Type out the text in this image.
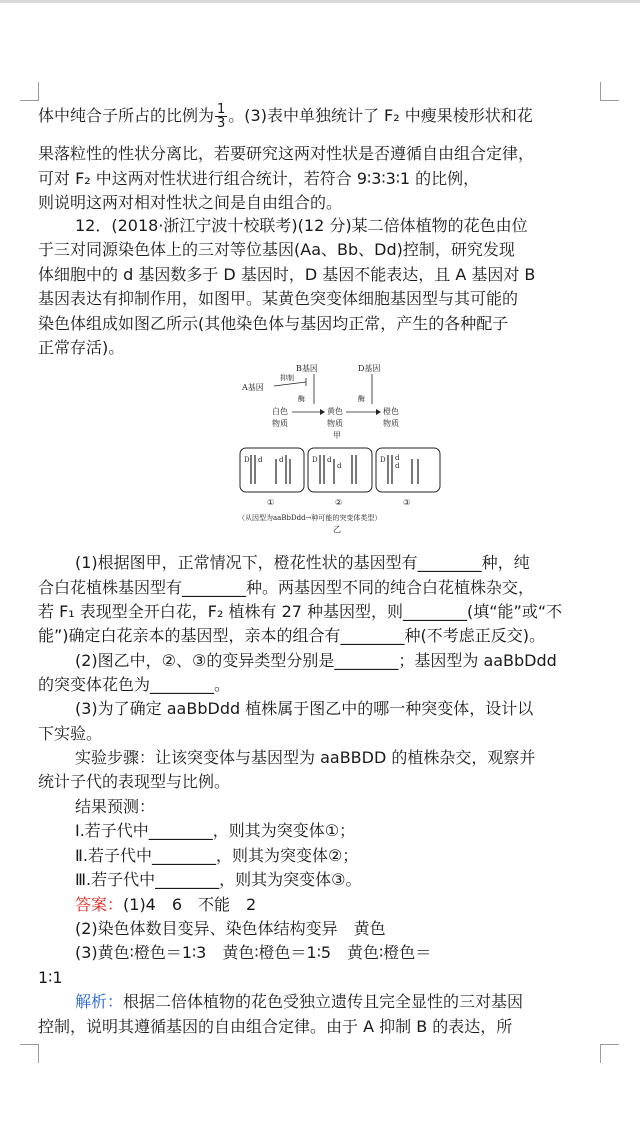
体中纯合子所占的比例为 $\frac{1}{3}$ 。(3)表中单独统计了 F₂ 中瘦果棱形状和花
果落粒性的性状分离比，若要研究这两对性状是否遵循自由组合定律，
可对 F₂ 中这两对性状进行组合统计，若符合 9∶3∶3∶1 的比例，
则说明这两对相对性状之间是自由组合的。
12．(2018·浙江宁波十校联考)(12 分)某二倍体植物的花色由位
于三对同源染色体上的三对等位基因(Aa、Bb、Dd)控制，研究发现
体细胞中的 d 基因数多于 D 基因时，D 基因不能表达，且 A 基因对 B
基因表达有抑制作用，如图甲。某黄色突变体细胞基因型与其可能的
染色体组成如图乙所示(其他染色体与基因均正常，产生的各种配子
正常存活)。
B基因	D基因
A基因
抑制
酶	酶
白色
物质
黄色
物质
甲
橙色
物质
D d d	D d
d
D d
d
①	②	③
（从因型为aaBbDdd→种可能的突变体类型）
乙
(1)根据图甲，正常情况下，橙花性状的基因型有________种，纯
合白花植株基因型有________种。两基因型不同的纯合白花植株杂交，
若 F₁ 表现型全开白花，F₂ 植株有 27 种基因型，则________(填“能”或“不
能”)确定白花亲本的基因型，亲本的组合有________种(不考虑正反交)。
(2)图乙中，②、③的变异类型分别是________；基因型为 aaBbDdd
的突变体花色为________。
(3)为了确定 aaBbDdd 植株属于图乙中的哪一种突变体，设计以
下实验。
实验步骤：让该突变体与基因型为 aaBBDD 的植株杂交，观察并
统计子代的表现型与比例。
结果预测：
Ⅰ.若子代中________，则其为突变体①；
Ⅱ.若子代中________，则其为突变体②；
Ⅲ.若子代中________，则其为突变体③。
答案：(1)4　6　不能　2
(2)染色体数目变异、染色体结构变异　黄色
(3)黄色∶橙色＝1∶3　黄色∶橙色＝1∶5　黄色∶橙色＝
1∶1
解析：根据二倍体植物的花色受独立遗传且完全显性的三对基因
控制，说明其遵循基因的自由组合定律。由于 A 抑制 B 的表达，所
